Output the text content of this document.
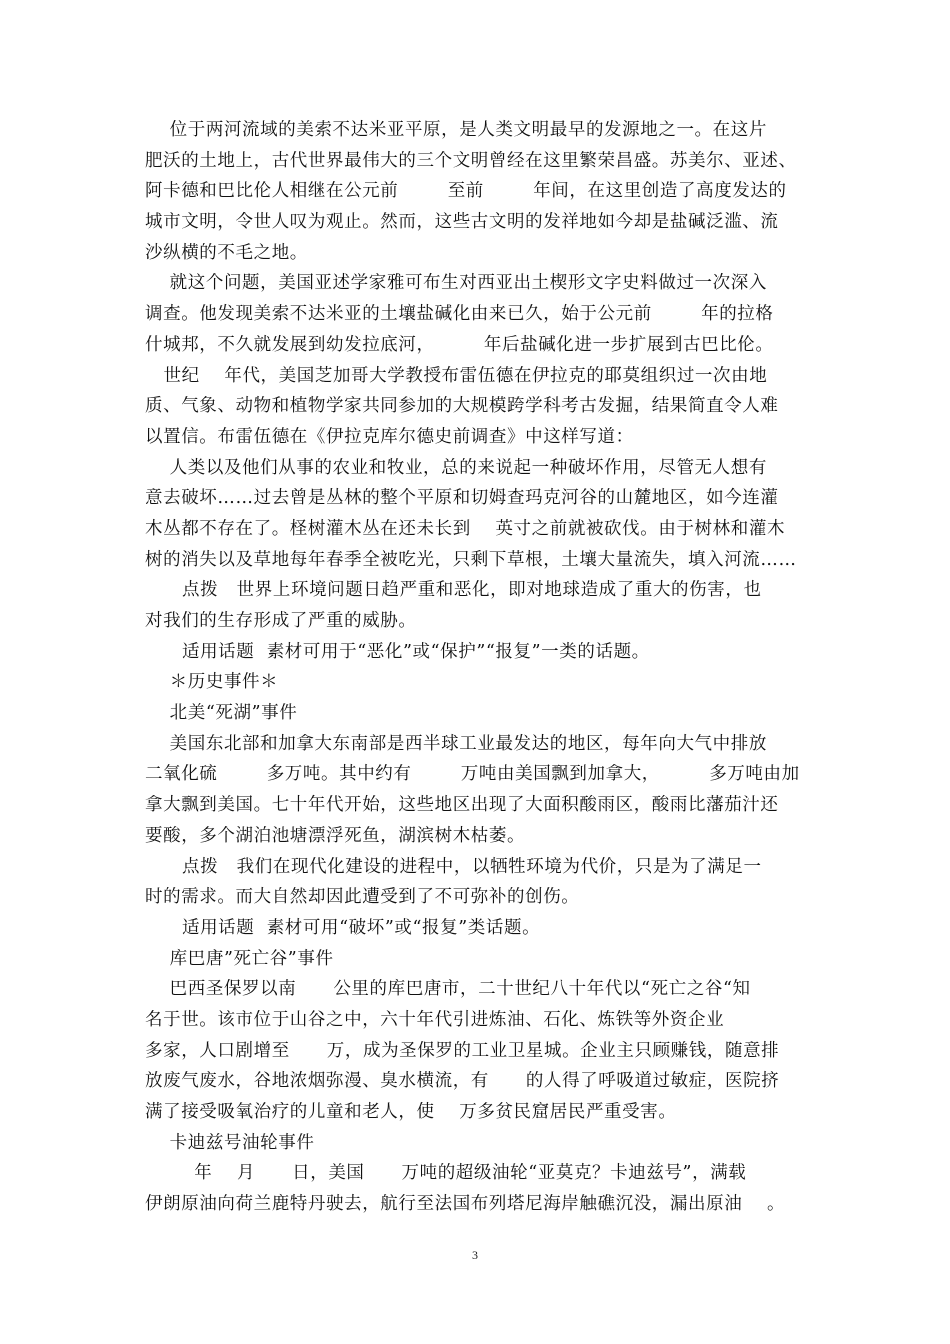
位于两河流域的美索不达米亚平原，是人类文明最早的发源地之一。在这片
肥沃的土地上，古代世界最伟大的三个文明曾经在这里繁荣昌盛。苏美尔、亚述、
阿卡德和巴比伦人相继在公元前        至前        年间，在这里创造了高度发达的
城市文明，令世人叹为观止。然而，这些古文明的发祥地如今却是盐碱泛滥、流
沙纵横的不毛之地。
就这个问题，美国亚述学家雅可布生对西亚出土楔形文字史料做过一次深入
调查。他发现美索不达米亚的土壤盐碱化由来已久，始于公元前        年的拉格
什城邦，不久就发展到幼发拉底河，        年后盐碱化进一步扩展到古巴比伦。
世纪    年代，美国芝加哥大学教授布雷伍德在伊拉克的耶莫组织过一次由地
质、气象、动物和植物学家共同参加的大规模跨学科考古发掘，结果简直令人难
以置信。布雷伍德在《伊拉克库尔德史前调查》中这样写道：
人类以及他们从事的农业和牧业，总的来说起一种破坏作用，尽管无人想有
意去破坏……过去曾是丛林的整个平原和切姆查玛克河谷的山麓地区，如今连灌
木丛都不存在了。柽树灌木丛在还未长到    英寸之前就被砍伐。由于树林和灌木
树的消失以及草地每年春季全被吃光，只剩下草根，土壤大量流失，填入河流……
点拨   世界上环境问题日趋严重和恶化，即对地球造成了重大的伤害，也
对我们的生存形成了严重的威胁。
适用话题  素材可用于“恶化”或“保护”“报复”一类的话题。
＊历史事件＊
北美“死湖”事件
美国东北部和加拿大东南部是西半球工业最发达的地区，每年向大气中排放
二氧化硫        多万吨。其中约有        万吨由美国飘到加拿大，        多万吨由加
拿大飘到美国。七十年代开始，这些地区出现了大面积酸雨区，酸雨比藩茄汁还
要酸，多个湖泊池塘漂浮死鱼，湖滨树木枯萎。
点拨   我们在现代化建设的进程中，以牺牲环境为代价，只是为了满足一
时的需求。而大自然却因此遭受到了不可弥补的创伤。
适用话题  素材可用“破坏”或“报复”类话题。
库巴唐”死亡谷”事件
巴西圣保罗以南      公里的库巴唐市，二十世纪八十年代以“死亡之谷“知
名于世。该市位于山谷之中，六十年代引进炼油、石化、炼铁等外资企业
多家，人口剧增至      万，成为圣保罗的工业卫星城。企业主只顾赚钱，随意排
放废气废水，谷地浓烟弥漫、臭水横流，有      的人得了呼吸道过敏症，医院挤
满了接受吸氧治疗的儿童和老人，使    万多贫民窟居民严重受害。
卡迪兹号油轮事件
年    月      日，美国      万吨的超级油轮“亚莫克？卡迪兹号”，满载
伊朗原油向荷兰鹿特丹驶去，航行至法国布列塔尼海岸触礁沉没，漏出原油    。
3
